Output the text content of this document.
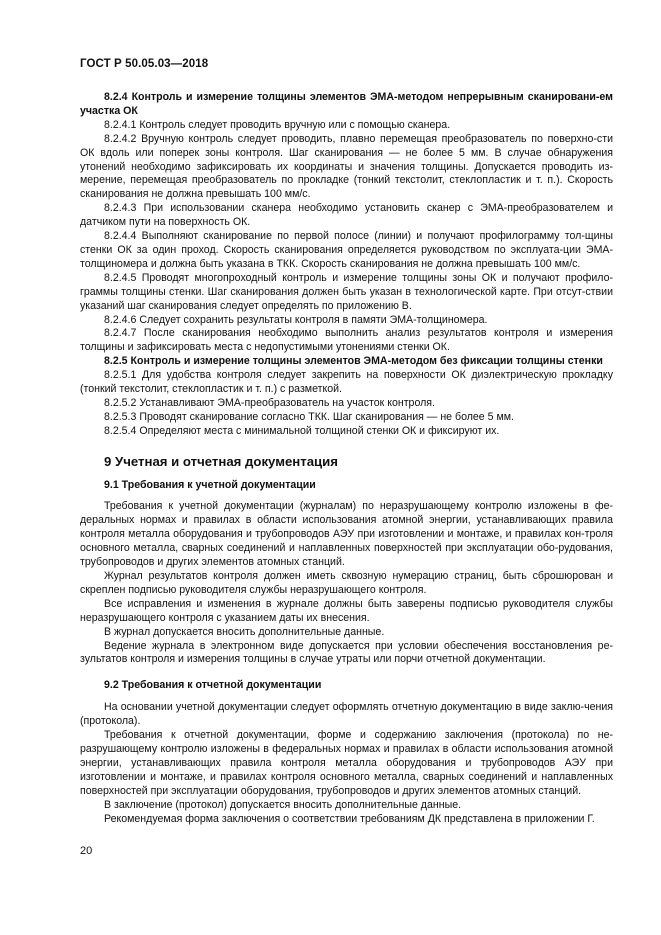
ГОСТ Р 50.05.03—2018

8.2.4 Контроль и измерение толщины элементов ЭМА-методом непрерывным сканировани-ем участка ОК

8.2.4.1 Контроль следует проводить вручную или с помощью сканера.

8.2.4.2 Вручную контроль следует проводить, плавно перемещая преобразователь по поверхно-сти ОК вдоль или поперек зоны контроля. Шаг сканирования — не более 5 мм. В случае обнаружения утонений необходимо зафиксировать их координаты и значения толщины. Допускается проводить из-мерение, перемещая преобразователь по прокладке (тонкий текстолит, стеклопластик и т. п.). Скорость сканирования не должна превышать 100 мм/с.

8.2.4.3 При использовании сканера необходимо установить сканер с ЭМА-преобразователем и датчиком пути на поверхность ОК.

8.2.4.4 Выполняют сканирование по первой полосе (линии) и получают профилограмму тол-щины стенки ОК за один проход. Скорость сканирования определяется руководством по эксплуата-ции ЭМА-толщиномера и должна быть указана в ТКК. Скорость сканирования не должна превышать 100 мм/с.

8.2.4.5 Проводят многопроходный контроль и измерение толщины зоны ОК и получают профило-граммы толщины стенки. Шаг сканирования должен быть указан в технологической карте. При отсут-ствии указаний шаг сканирования следует определять по приложению В.

8.2.4.6 Следует сохранить результаты контроля в памяти ЭМА-толщиномера.

8.2.4.7 После сканирования необходимо выполнить анализ результатов контроля и измерения толщины и зафиксировать места с недопустимыми утонениями стенки ОК.

8.2.5 Контроль и измерение толщины элементов ЭМА-методом без фиксации толщины стенки

8.2.5.1 Для удобства контроля следует закрепить на поверхности ОК диэлектрическую прокладку (тонкий текстолит, стеклопластик и т. п.) с разметкой.

8.2.5.2 Устанавливают ЭМА-преобразователь на участок контроля.

8.2.5.3 Проводят сканирование согласно ТКК. Шаг сканирования — не более 5 мм.

8.2.5.4 Определяют места с минимальной толщиной стенки ОК и фиксируют их.

9 Учетная и отчетная документация
9.1 Требования к учетной документации

Требования к учетной документации (журналам) по неразрушающему контролю изложены в фе-деральных нормах и правилах в области использования атомной энергии, устанавливающих правила контроля металла оборудования и трубопроводов АЭУ при изготовлении и монтаже, и правилах кон-троля основного металла, сварных соединений и наплавленных поверхностей при эксплуатации обо-рудования, трубопроводов и других элементов атомных станций.

Журнал результатов контроля должен иметь сквозную нумерацию страниц, быть сброшюрован и скреплен подписью руководителя службы неразрушающего контроля.

Все исправления и изменения в журнале должны быть заверены подписью руководителя службы неразрушающего контроля с указанием даты их внесения.

В журнал допускается вносить дополнительные данные.

Ведение журнала в электронном виде допускается при условии обеспечения восстановления ре-зультатов контроля и измерения толщины в случае утраты или порчи отчетной документации.

9.2 Требования к отчетной документации

На основании учетной документации следует оформлять отчетную документацию в виде заклю-чения (протокола).

Требования к отчетной документации, форме и содержанию заключения (протокола) по не-разрушающему контролю изложены в федеральных нормах и правилах в области использования атомной энергии, устанавливающих правила контроля металла оборудования и трубопроводов АЭУ при изготовлении и монтаже, и правилах контроля основного металла, сварных соединений и наплавленных поверхностей при эксплуатации оборудования, трубопроводов и других элементов атомных станций.

В заключение (протокол) допускается вносить дополнительные данные.

Рекомендуемая форма заключения о соответствии требованиям ДК представлена в приложении Г.

20
